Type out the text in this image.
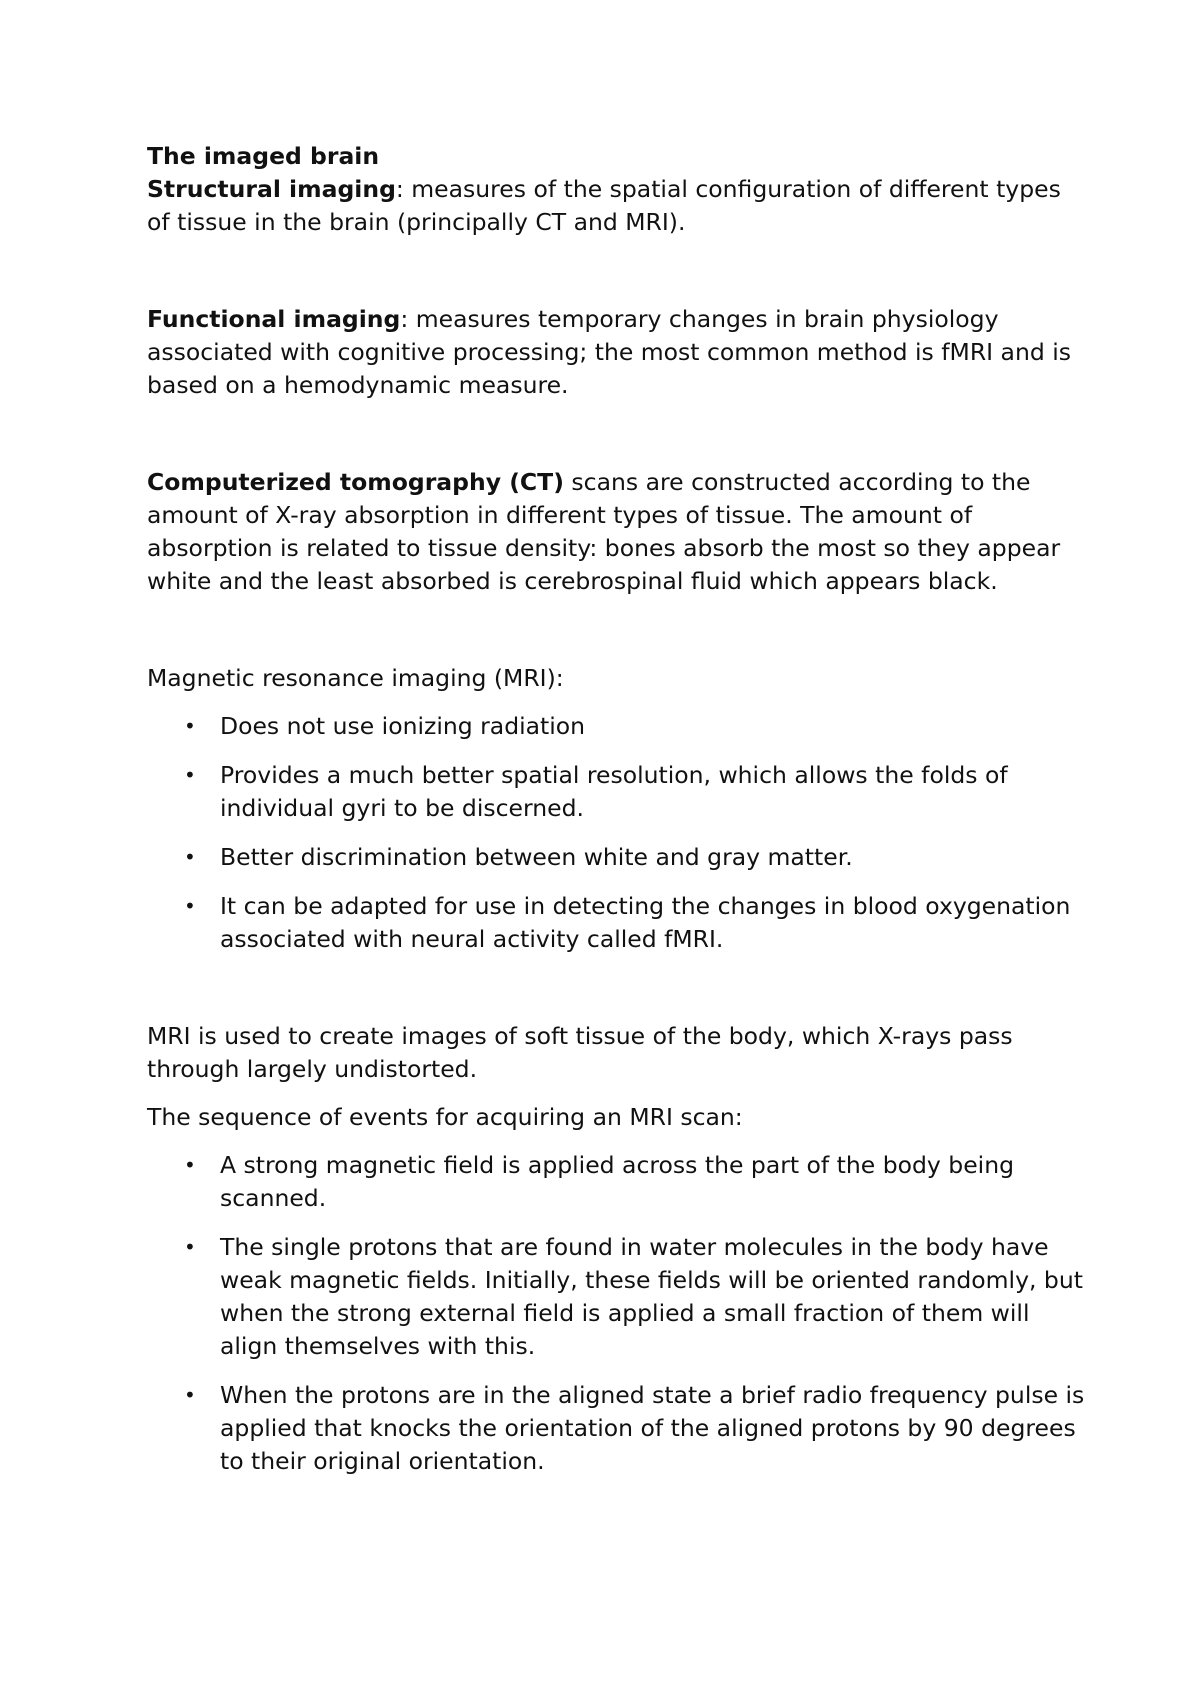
The imaged brain

Structural imaging: measures of the spatial configuration of different types of tissue in the brain (principally CT and MRI).

Functional imaging: measures temporary changes in brain physiology associated with cognitive processing; the most common method is fMRI and is based on a hemodynamic measure.

Computerized tomography (CT) scans are constructed according to the amount of X-ray absorption in different types of tissue. The amount of absorption is related to tissue density: bones absorb the most so they appear white and the least absorbed is cerebrospinal fluid which appears black.

Magnetic resonance imaging (MRI):

• Does not use ionizing radiation
• Provides a much better spatial resolution, which allows the folds of individual gyri to be discerned.
• Better discrimination between white and gray matter.
• It can be adapted for use in detecting the changes in blood oxygenation associated with neural activity called fMRI.

MRI is used to create images of soft tissue of the body, which X-rays pass through largely undistorted.

The sequence of events for acquiring an MRI scan:

• A strong magnetic field is applied across the part of the body being scanned.
• The single protons that are found in water molecules in the body have weak magnetic fields. Initially, these fields will be oriented randomly, but when the strong external field is applied a small fraction of them will align themselves with this.
• When the protons are in the aligned state a brief radio frequency pulse is applied that knocks the orientation of the aligned protons by 90 degrees to their original orientation.
